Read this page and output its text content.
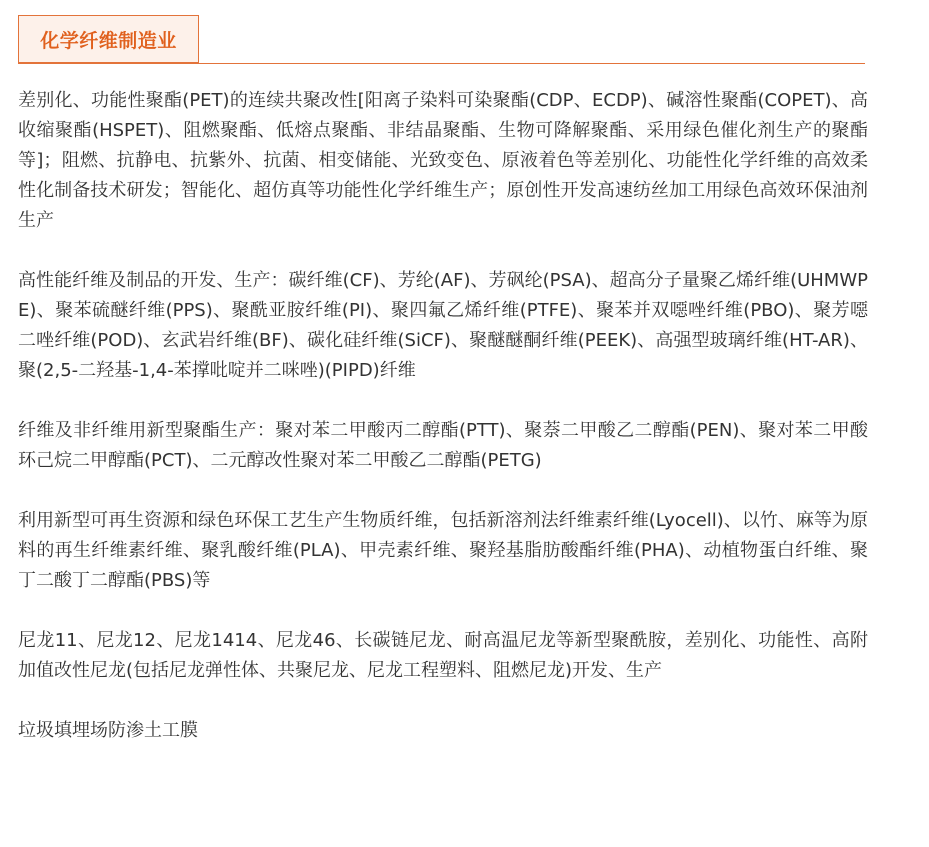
化学纤维制造业

差别化、功能性聚酯(PET)的连续共聚改性[阳离子染料可染聚酯(CDP、ECDP)、碱溶性聚酯(COPET)、高收缩聚酯(HSPET)、阻燃聚酯、低熔点聚酯、非结晶聚酯、生物可降解聚酯、采用绿色催化剂生产的聚酯等]；阻燃、抗静电、抗紫外、抗菌、相变储能、光致变色、原液着色等差别化、功能性化学纤维的高效柔性化制备技术研发；智能化、超仿真等功能性化学纤维生产；原创性开发高速纺丝加工用绿色高效环保油剂生产

高性能纤维及制品的开发、生产：碳纤维(CF)、芳纶(AF)、芳砜纶(PSA)、超高分子量聚乙烯纤维(UHMWPE)、聚苯硫醚纤维(PPS)、聚酰亚胺纤维(PI)、聚四氟乙烯纤维(PTFE)、聚苯并双噁唑纤维(PBO)、聚芳噁二唑纤维(POD)、玄武岩纤维(BF)、碳化硅纤维(SiCF)、聚醚醚酮纤维(PEEK)、高强型玻璃纤维(HT-AR)、聚(2,5-二羟基-1,4-苯撑吡啶并二咪唑)(PIPD)纤维

纤维及非纤维用新型聚酯生产：聚对苯二甲酸丙二醇酯(PTT)、聚萘二甲酸乙二醇酯(PEN)、聚对苯二甲酸环己烷二甲醇酯(PCT)、二元醇改性聚对苯二甲酸乙二醇酯(PETG)

利用新型可再生资源和绿色环保工艺生产生物质纤维，包括新溶剂法纤维素纤维(Lyocell)、以竹、麻等为原料的再生纤维素纤维、聚乳酸纤维(PLA)、甲壳素纤维、聚羟基脂肪酸酯纤维(PHA)、动植物蛋白纤维、聚丁二酸丁二醇酯(PBS)等

尼龙11、尼龙12、尼龙1414、尼龙46、长碳链尼龙、耐高温尼龙等新型聚酰胺，差别化、功能性、高附加值改性尼龙(包括尼龙弹性体、共聚尼龙、尼龙工程塑料、阻燃尼龙)开发、生产

垃圾填埋场防渗土工膜
